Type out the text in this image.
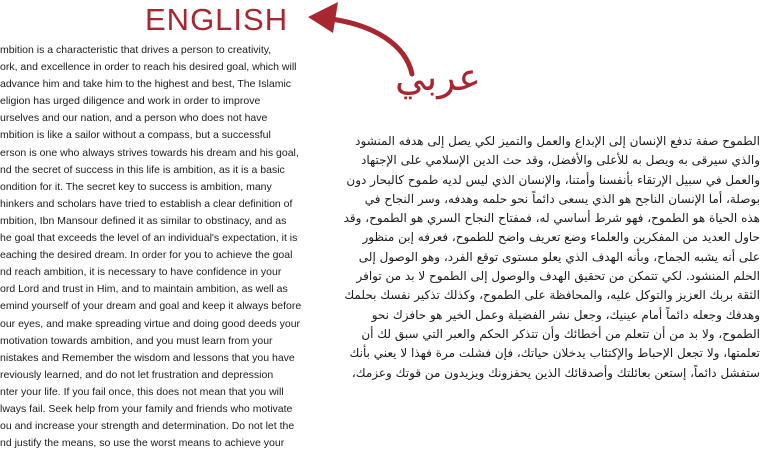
ENGLISH
عربي
mbition is a characteristic that drives a person to creativity,
ork, and excellence in order to reach his desired goal, which will
advance him and take him to the highest and best, The Islamic
eligion has urged diligence and work in order to improve
urselves and our nation, and a person who does not have
mbition is like a sailor without a compass, but a successful
erson is one who always strives towards his dream and his goal,
nd the secret of success in this life is ambition, as it is a basic
ondition for it. The secret key to success is ambition, many
hinkers and scholars have tried to establish a clear definition of
mbition, Ibn Mansour defined it as similar to obstinacy, and as
he goal that exceeds the level of an individual's expectation, it is
eaching the desired dream. In order for you to achieve the goal
nd reach ambition, it is necessary to have confidence in your
ord Lord and trust in Him, and to maintain ambition, as well as
emind yourself of your dream and goal and keep it always before
our eyes, and make spreading virtue and doing good deeds your
motivation towards ambition, and you must learn from your
nistakes and Remember the wisdom and lessons that you have
reviously learned, and do not let frustration and depression
nter your life. If you fail once, this does not mean that you will
lways fail. Seek help from your family and friends who motivate
ou and increase your strength and determination. Do not let the
nd justify the means, so use the worst means to achieve your
الطموح صفة تدفع الإنسان إلى الإبداع والعمل والتميز لكي يصل إلى هدفه المنشود
والذي سيرقى به ويصل به للأعلى والأفضل، وقد حث الدين الإسلامي على الإجتهاد
والعمل في سبيل الإرتقاء بأنفسنا وأمتنا، والإنسان الذي ليس لديه طموح كالبحار دون
بوصلة، أما الإنسان الناجح هو الذي يسعى دائماً نحو حلمه وهدفه، وسر النجاح في
هذه الحياة هو الطموح، فهو شرط أساسي له، فمفتاح النجاح السري هو الطموح، وقد
حاول العديد من المفكرين والعلماء وضع تعريف واضح للطموح، فعرفه إبن منظور
على أنه يشبه الجماح، وبأنه الهدف الذي يعلو مستوى توقع الفرد، وهو الوصول إلى
الحلم المنشود. لكي تتمكن من تحقيق الهدف والوصول إلى الطموح لا بد من توافر
الثقة بربك العزيز والتوكل عليه، والمحافظة على الطموح، وكذلك تذكير نفسك بحلمك
وهدفك وجعله دائماً أمام عينيك، وجعل نشر الفضيلة وعمل الخير هو حافزك نحو
الطموح، ولا بد من أن تتعلم من أخطائك وأن تتذكر الحكم والعبر التي سبق لك أن
تعلمتها، ولا تجعل الإحباط والإكتئاب يدخلان حياتك، فإن فشلت مرة فهذا لا يعني بأنك
ستفشل دائماً، إستعن بعائلتك وأصدقائك الذين يحفزونك ويزيدون من قوتك وعزمك،
